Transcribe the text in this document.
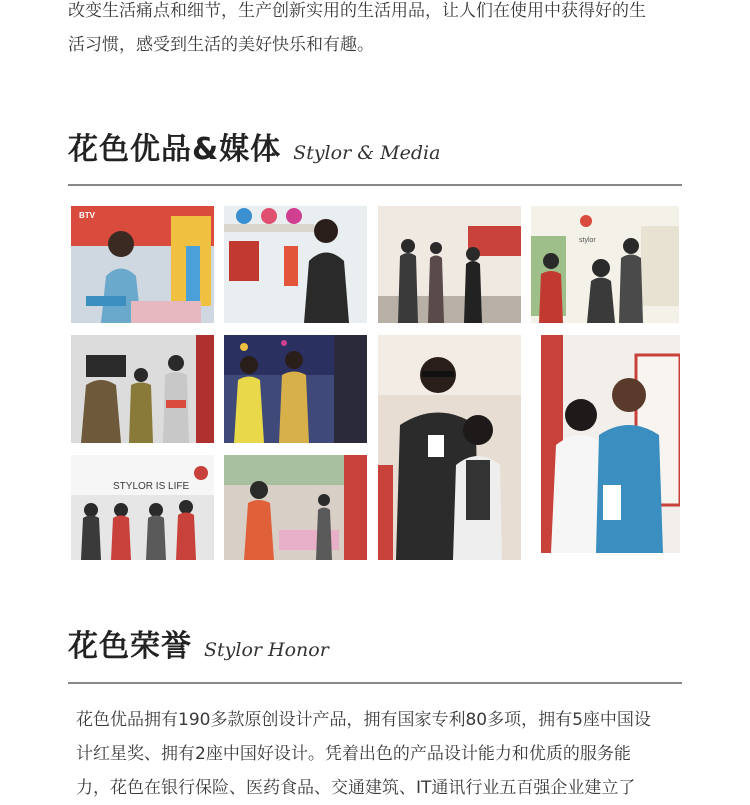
改变生活痛点和细节，生产创新实用的生活用品，让人们在使用中获得好的生

活习惯，感受到生活的美好快乐和有趣。

花色优品&媒体 Stylor & Media
BTV
stylor
STYLOR IS LIFE
花色荣誉 Stylor Honor

花色优品拥有190多款原创设计产品，拥有国家专利80多项，拥有5座中国设

计红星奖、拥有2座中国好设计。凭着出色的产品设计能力和优质的服务能

力，花色在银行保险、医药食品、交通建筑、IT通讯行业五百强企业建立了
